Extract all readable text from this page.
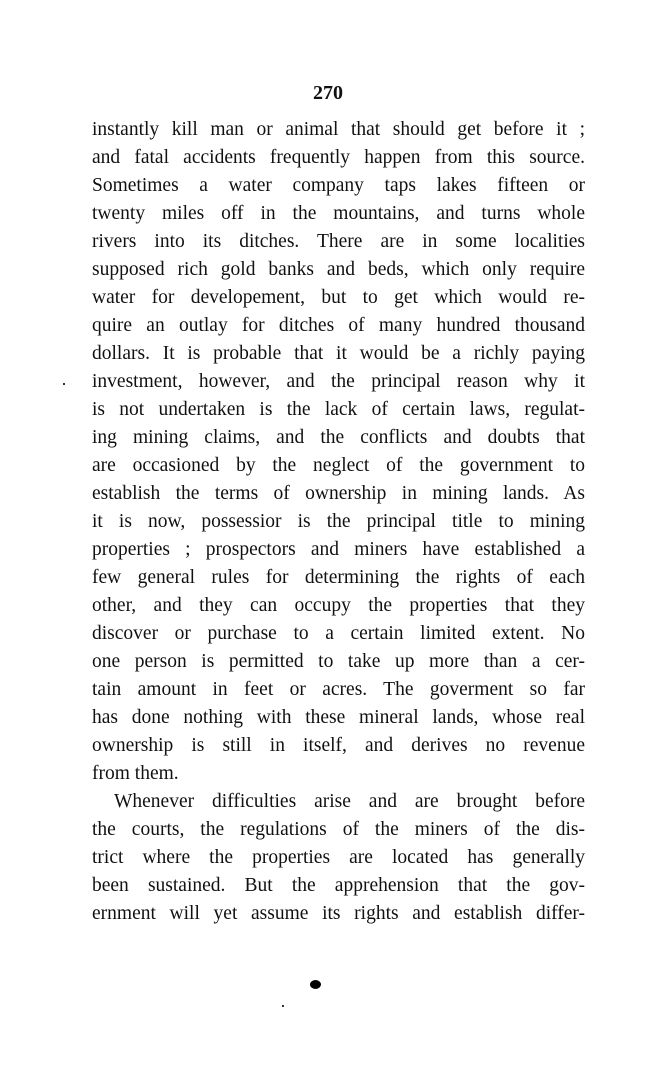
270
instantly kill man or animal that should get before it ;
and fatal accidents frequently happen from this source.
Sometimes a water company taps lakes fifteen or
twenty miles off in the mountains, and turns whole
rivers into its ditches. There are in some localities
supposed rich gold banks and beds, which only require
water for developement, but to get which would re-
quire an outlay for ditches of many hundred thousand
dollars. It is probable that it would be a richly paying
investment, however, and the principal reason why it
is not undertaken is the lack of certain laws, regulat-
ing mining claims, and the conflicts and doubts that
are occasioned by the neglect of the government to
establish the terms of ownership in mining lands. As
it is now, possessior is the principal title to mining
properties ; prospectors and miners have established a
few general rules for determining the rights of each
other, and they can occupy the properties that they
discover or purchase to a certain limited extent. No
one person is permitted to take up more than a cer-
tain amount in feet or acres. The goverment so far
has done nothing with these mineral lands, whose real
ownership is still in itself, and derives no revenue
from them.
Whenever difficulties arise and are brought before
the courts, the regulations of the miners of the dis-
trict where the properties are located has generally
been sustained. But the apprehension that the gov-
ernment will yet assume its rights and establish differ-
